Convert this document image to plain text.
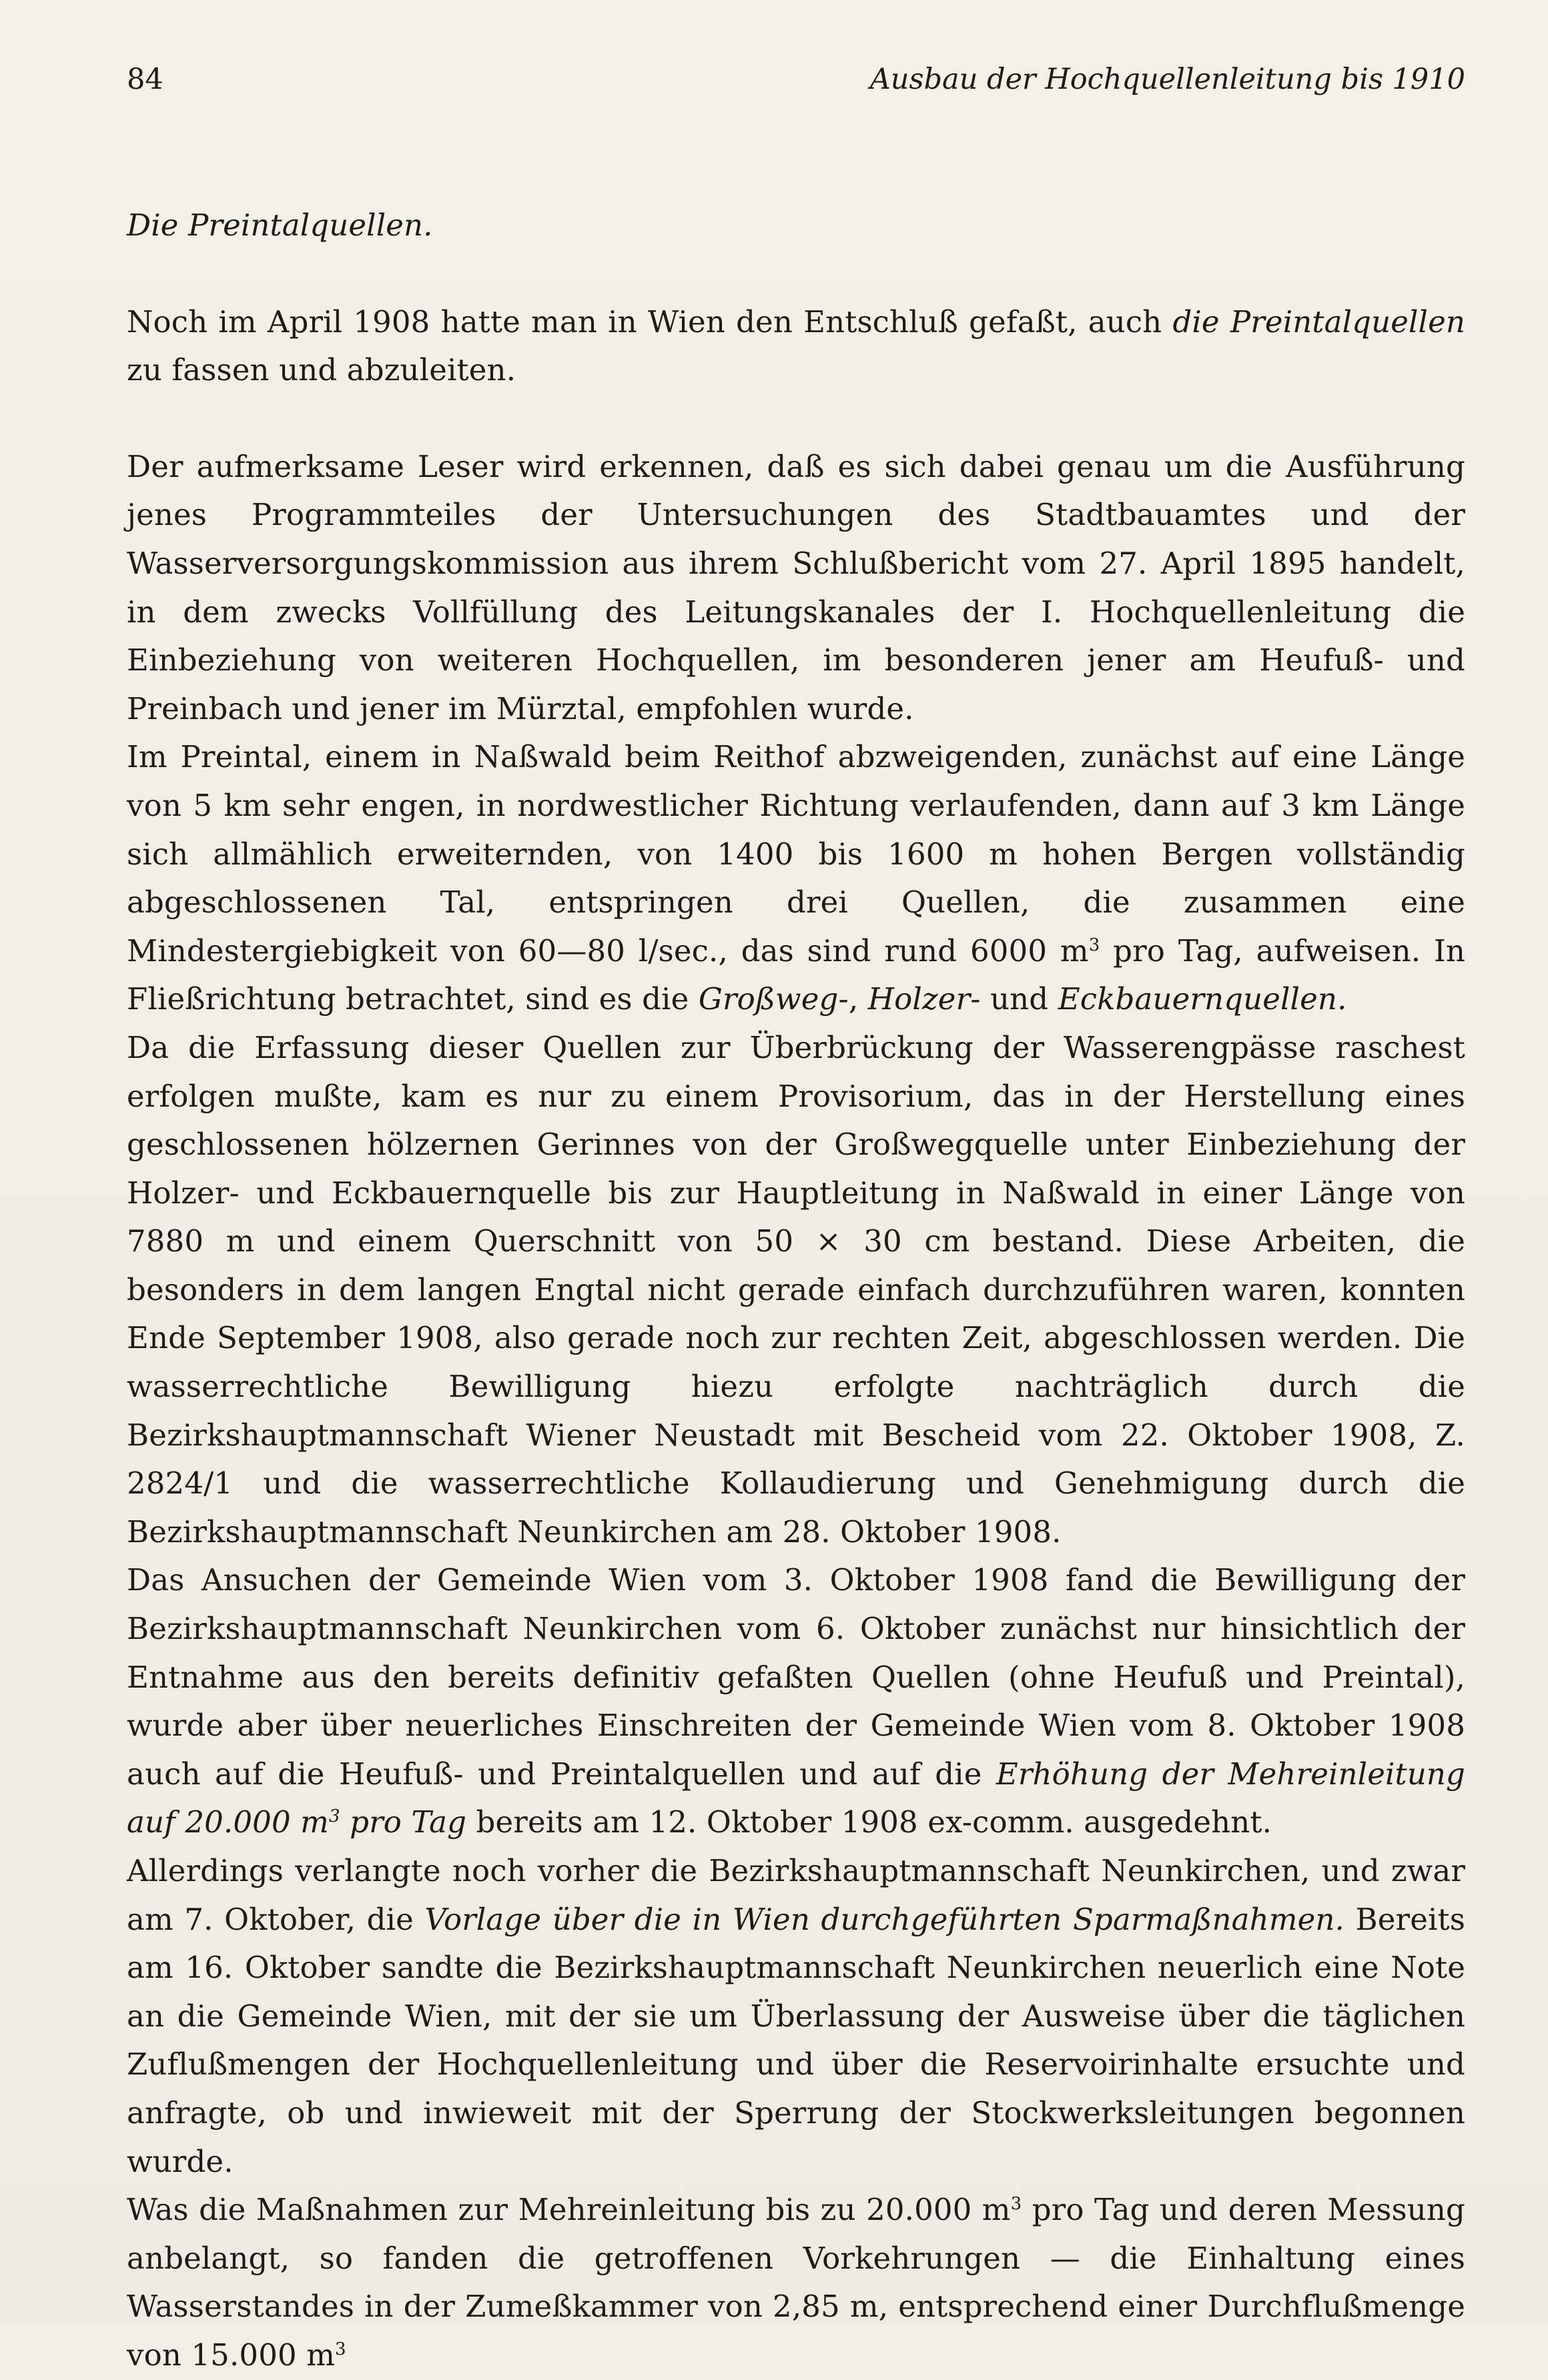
84	Ausbau der Hochquellenleitung bis 1910
Die Preintalquellen.

Noch im April 1908 hatte man in Wien den Entschluß gefaßt, auch die Preintalquellen zu fassen und abzuleiten.

Der aufmerksame Leser wird erkennen, daß es sich dabei genau um die Ausführung jenes Programmteiles der Untersuchungen des Stadtbauamtes und der Wasserversorgungskommission aus ihrem Schlußbericht vom 27. April 1895 handelt, in dem zwecks Vollfüllung des Leitungskanales der I. Hochquellenleitung die Einbeziehung von weiteren Hochquellen, im besonderen jener am Heufuß- und Preinbach und jener im Mürztal, empfohlen wurde.

Im Preintal, einem in Naßwald beim Reithof abzweigenden, zunächst auf eine Länge von 5 km sehr engen, in nordwestlicher Richtung verlaufenden, dann auf 3 km Länge sich allmählich erweiternden, von 1400 bis 1600 m hohen Bergen vollständig abgeschlossenen Tal, entspringen drei Quellen, die zusammen eine Mindestergiebigkeit von 60—80 l/sec., das sind rund 6000 $m^3$ pro Tag, aufweisen. In Fließrichtung betrachtet, sind es die Großweg-, Holzer- und Eckbauernquellen.

Da die Erfassung dieser Quellen zur Überbrückung der Wasserengpässe raschest erfolgen mußte, kam es nur zu einem Provisorium, das in der Herstellung eines geschlossenen hölzernen Gerinnes von der Großwegquelle unter Einbeziehung der Holzer- und Eckbauernquelle bis zur Hauptleitung in Naßwald in einer Länge von 7880 m und einem Querschnitt von 50 × 30 cm bestand. Diese Arbeiten, die besonders in dem langen Engtal nicht gerade einfach durchzuführen waren, konnten Ende September 1908, also gerade noch zur rechten Zeit, abgeschlossen werden. Die wasserrechtliche Bewilligung hiezu erfolgte nachträglich durch die Bezirkshauptmannschaft Wiener Neustadt mit Bescheid vom 22. Oktober 1908, Z. 2824/1 und die wasserrechtliche Kollaudierung und Genehmigung durch die Bezirkshauptmannschaft Neunkirchen am 28. Oktober 1908.

Das Ansuchen der Gemeinde Wien vom 3. Oktober 1908 fand die Bewilligung der Bezirkshauptmannschaft Neunkirchen vom 6. Oktober zunächst nur hinsichtlich der Entnahme aus den bereits definitiv gefaßten Quellen (ohne Heufuß und Preintal), wurde aber über neuerliches Einschreiten der Gemeinde Wien vom 8. Oktober 1908 auch auf die Heufuß- und Preintalquellen und auf die Erhöhung der Mehreinleitung auf 20.000 $m^3$ pro Tag bereits am 12. Oktober 1908 ex-comm. ausgedehnt.

Allerdings verlangte noch vorher die Bezirkshauptmannschaft Neunkirchen, und zwar am 7. Oktober, die Vorlage über die in Wien durchgeführten Sparmaßnahmen. Bereits am 16. Oktober sandte die Bezirkshauptmannschaft Neunkirchen neuerlich eine Note an die Gemeinde Wien, mit der sie um Überlassung der Ausweise über die täglichen Zuflußmengen der Hochquellenleitung und über die Reservoirinhalte ersuchte und anfragte, ob und inwieweit mit der Sperrung der Stockwerksleitungen begonnen wurde.

Was die Maßnahmen zur Mehreinleitung bis zu 20.000 $m^3$ pro Tag und deren Messung anbelangt, so fanden die getroffenen Vorkehrungen — die Einhaltung eines Wasserstandes in der Zumeßkammer von 2,85 m, entsprechend einer Durchflußmenge von 15.000 $m^3$
